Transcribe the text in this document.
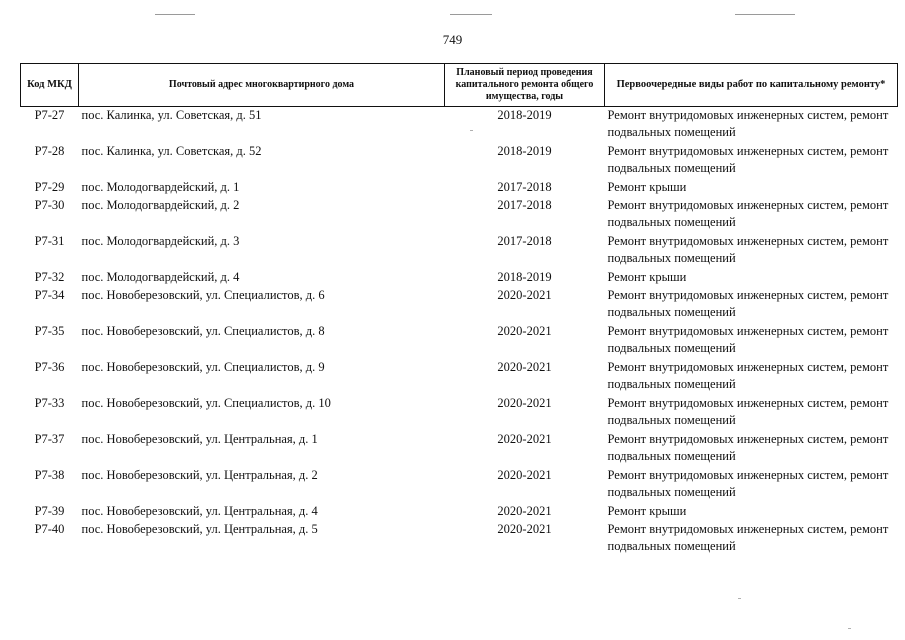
749
Код МКД	Почтовый адрес многоквартирного дома	Плановый период проведения капитального ремонта общего имущества, годы	Первоочередные виды работ по капитальному ремонту*
Р7-27	пос. Калинка, ул. Советская, д. 51	2018-2019	Ремонт внутридомовых инженерных систем, ремонт подвальных помещений
Р7-28	пос. Калинка, ул. Советская, д. 52	2018-2019	Ремонт внутридомовых инженерных систем, ремонт подвальных помещений
Р7-29	пос. Молодогвардейский, д. 1	2017-2018	Ремонт крыши
Р7-30	пос. Молодогвардейский, д. 2	2017-2018	Ремонт внутридомовых инженерных систем, ремонт подвальных помещений
Р7-31	пос. Молодогвардейский, д. 3	2017-2018	Ремонт внутридомовых инженерных систем, ремонт подвальных помещений
Р7-32	пос. Молодогвардейский, д. 4	2018-2019	Ремонт крыши
Р7-34	пос. Новоберезовский, ул. Специалистов, д. 6	2020-2021	Ремонт внутридомовых инженерных систем, ремонт подвальных помещений
Р7-35	пос. Новоберезовский, ул. Специалистов, д. 8	2020-2021	Ремонт внутридомовых инженерных систем, ремонт подвальных помещений
Р7-36	пос. Новоберезовский, ул. Специалистов, д. 9	2020-2021	Ремонт внутридомовых инженерных систем, ремонт подвальных помещений
Р7-33	пос. Новоберезовский, ул. Специалистов, д. 10	2020-2021	Ремонт внутридомовых инженерных систем, ремонт подвальных помещений
Р7-37	пос. Новоберезовский, ул. Центральная, д. 1	2020-2021	Ремонт внутридомовых инженерных систем, ремонт подвальных помещений
Р7-38	пос. Новоберезовский, ул. Центральная, д. 2	2020-2021	Ремонт внутридомовых инженерных систем, ремонт подвальных помещений
Р7-39	пос. Новоберезовский, ул. Центральная, д. 4	2020-2021	Ремонт крыши
Р7-40	пос. Новоберезовский, ул. Центральная, д. 5	2020-2021	Ремонт внутридомовых инженерных систем, ремонт подвальных помещений
